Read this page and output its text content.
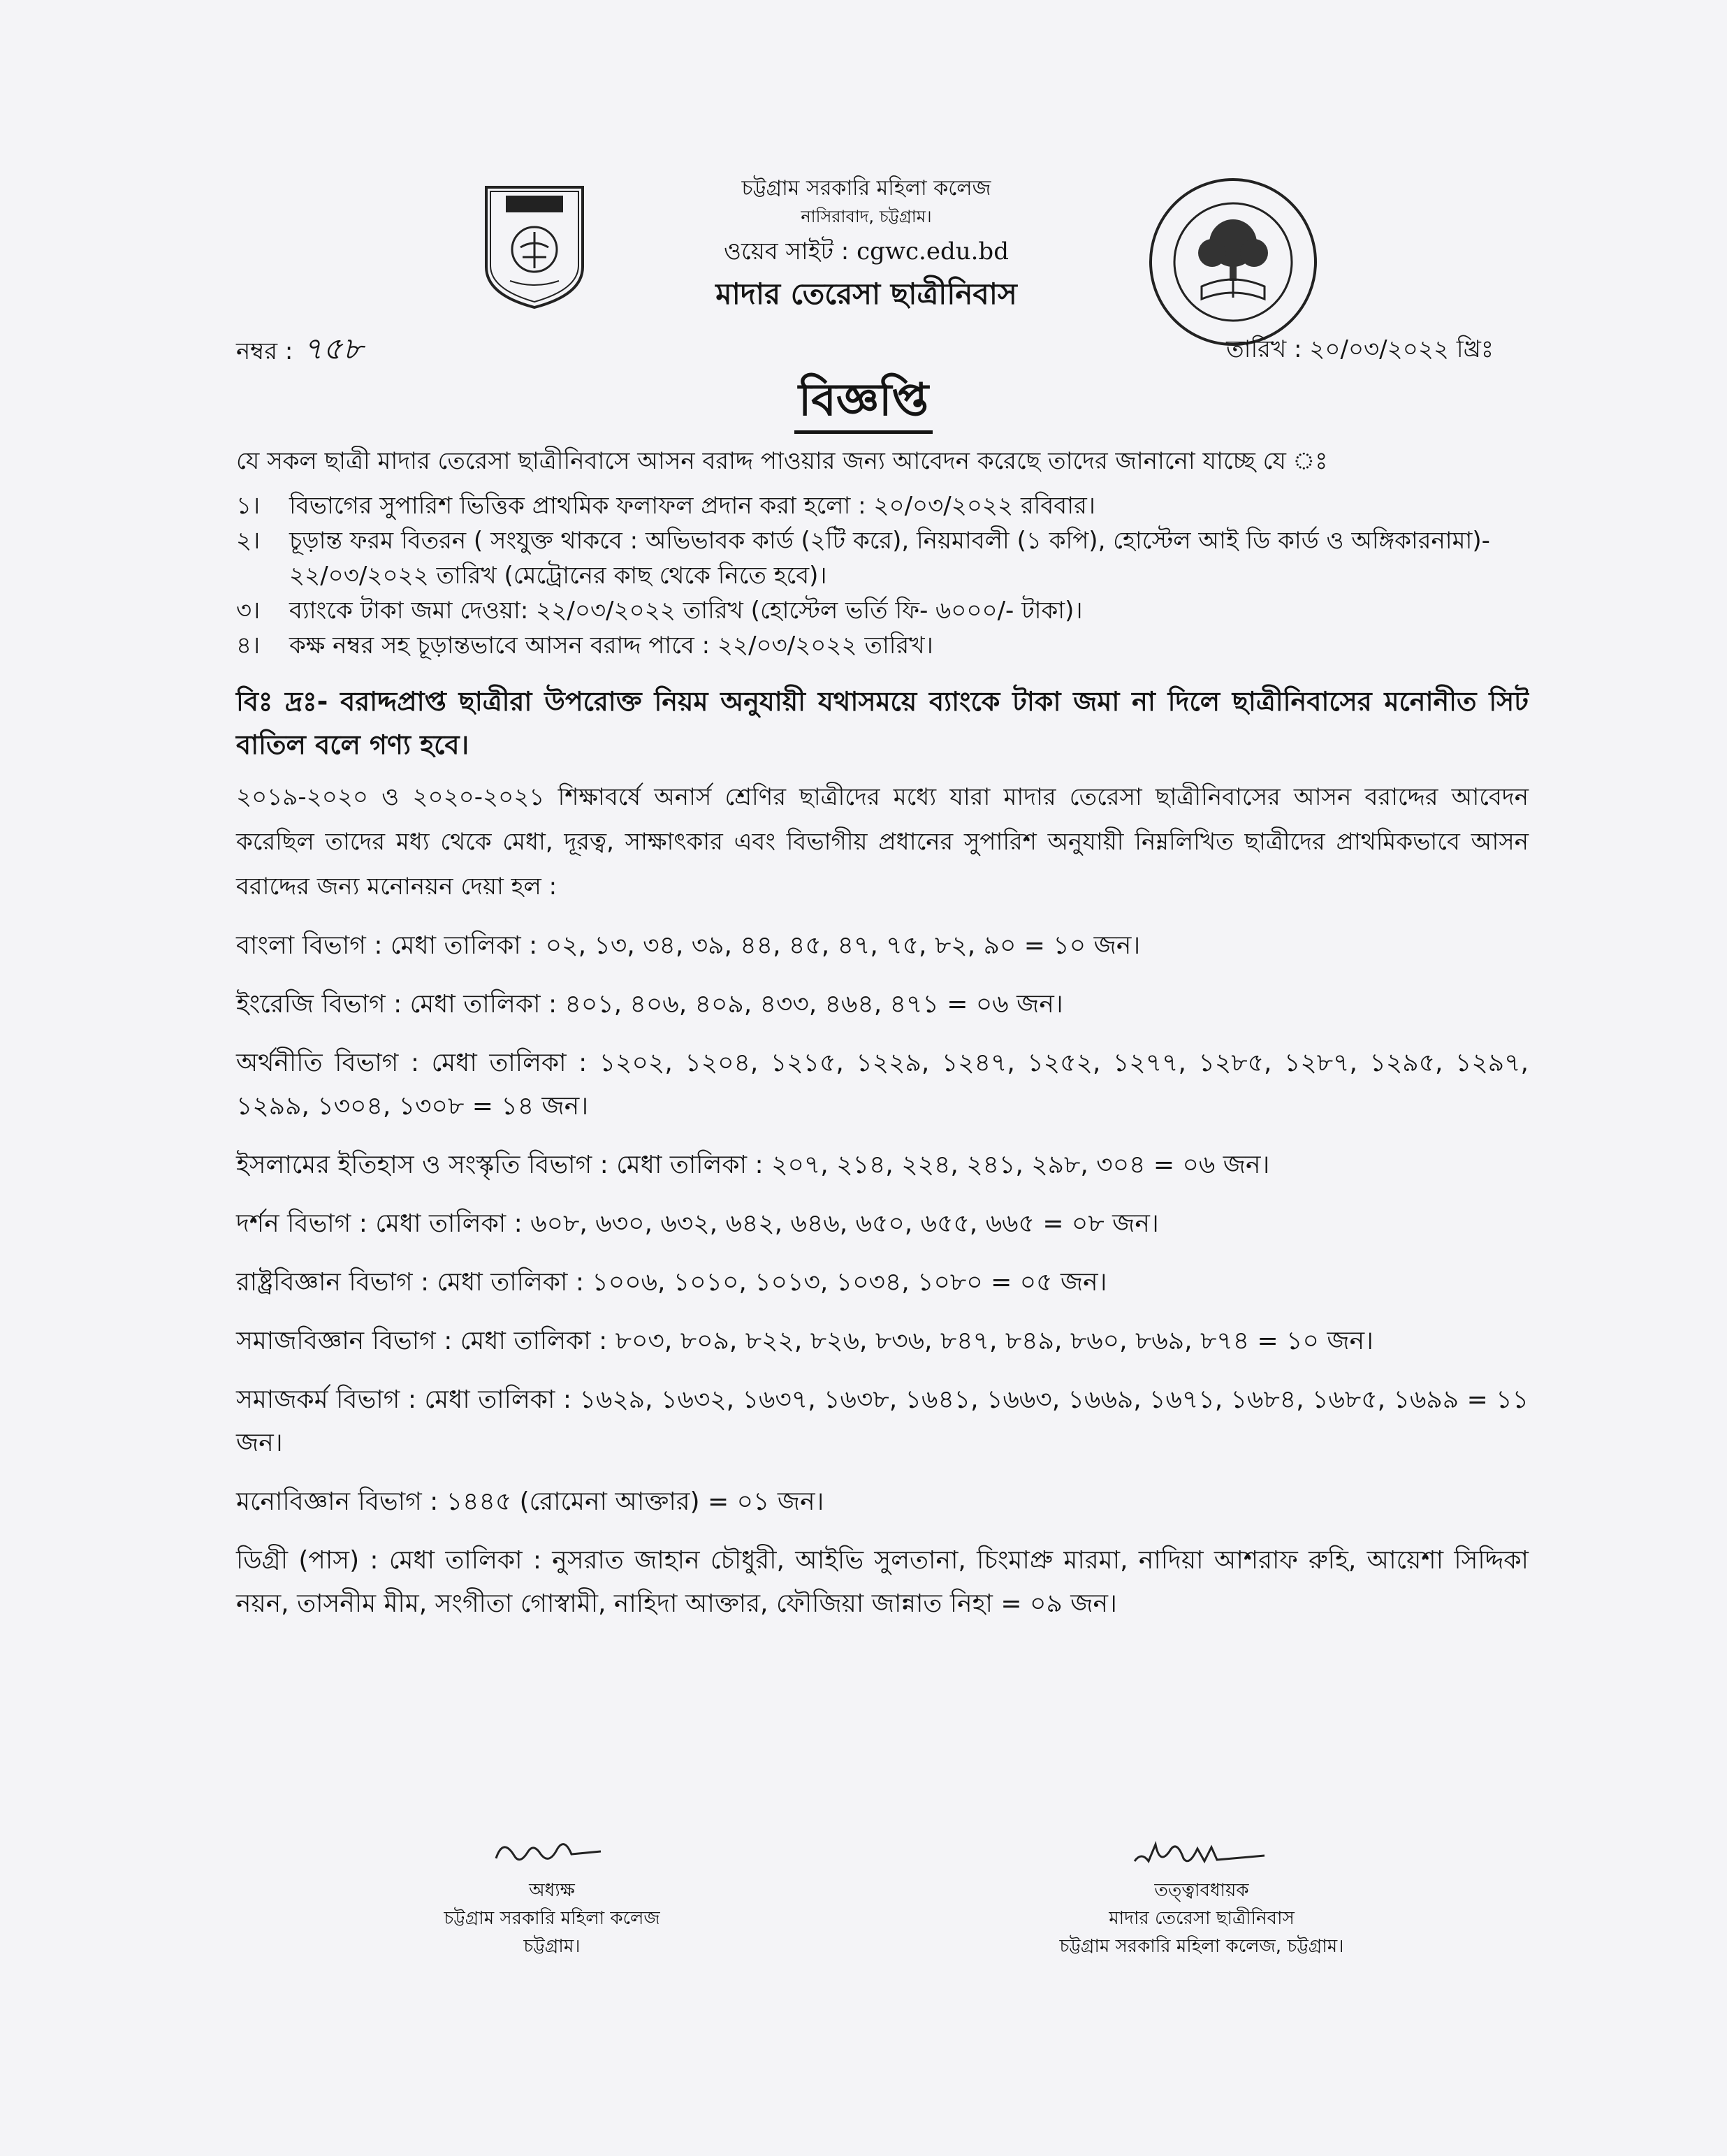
চট্টগ্রাম সরকারি মহিলা কলেজ
নাসিরাবাদ, চট্টগ্রাম।
ওয়েব সাইট : cgwc.edu.bd
মাদার তেরেসা ছাত্রীনিবাস
নম্বর : ৭৫৮	তারিখ : ২০/০৩/২০২২ খ্রিঃ
বিজ্ঞপ্তি
যে সকল ছাত্রী মাদার তেরেসা ছাত্রীনিবাসে আসন বরাদ্দ পাওয়ার জন্য আবেদন করেছে তাদের জানানো যাচ্ছে যে ঃ
১।	বিভাগের সুপারিশ ভিত্তিক প্রাথমিক ফলাফল প্রদান করা হলো : ২০/০৩/২০২২ রবিবার।
২।	চূড়ান্ত ফরম বিতরন ( সংযুক্ত থাকবে : অভিভাবক কার্ড (২টি করে), নিয়মাবলী (১ কপি), হোস্টেল আই ডি কার্ড ও অঙ্গিকারনামা)- ২২/০৩/২০২২ তারিখ (মেট্রোনের কাছ থেকে নিতে হবে)।
৩।	ব্যাংকে টাকা জমা দেওয়া: ২২/০৩/২০২২ তারিখ (হোস্টেল ভর্তি ফি- ৬০০০/- টাকা)।
৪।	কক্ষ নম্বর সহ চূড়ান্তভাবে আসন বরাদ্দ পাবে : ২২/০৩/২০২২ তারিখ।
বিঃ দ্রঃ- বরাদ্দপ্রাপ্ত ছাত্রীরা উপরোক্ত নিয়ম অনুযায়ী যথাসময়ে ব্যাংকে টাকা জমা না দিলে ছাত্রীনিবাসের মনোনীত সিট বাতিল বলে গণ্য হবে।
২০১৯-২০২০ ও ২০২০-২০২১ শিক্ষাবর্ষে অনার্স শ্রেণির ছাত্রীদের মধ্যে যারা মাদার তেরেসা ছাত্রীনিবাসের আসন বরাদ্দের আবেদন করেছিল তাদের মধ্য থেকে মেধা, দূরত্ব, সাক্ষাৎকার এবং বিভাগীয় প্রধানের সুপারিশ অনুযায়ী নিম্নলিখিত ছাত্রীদের প্রাথমিকভাবে আসন বরাদ্দের জন্য মনোনয়ন দেয়া হল :
বাংলা বিভাগ : মেধা তালিকা : ০২, ১৩, ৩৪, ৩৯, ৪৪, ৪৫, ৪৭, ৭৫, ৮২, ৯০ = ১০ জন।
ইংরেজি বিভাগ : মেধা তালিকা : ৪০১, ৪০৬, ৪০৯, ৪৩৩, ৪৬৪, ৪৭১ = ০৬ জন।
অর্থনীতি বিভাগ : মেধা তালিকা : ১২০২, ১২০৪, ১২১৫, ১২২৯, ১২৪৭, ১২৫২, ১২৭৭, ১২৮৫, ১২৮৭, ১২৯৫, ১২৯৭, ১২৯৯, ১৩০৪, ১৩০৮ = ১৪ জন।
ইসলামের ইতিহাস ও সংস্কৃতি বিভাগ : মেধা তালিকা : ২০৭, ২১৪, ২২৪, ২৪১, ২৯৮, ৩০৪ = ০৬ জন।
দর্শন বিভাগ : মেধা তালিকা : ৬০৮, ৬৩০, ৬৩২, ৬৪২, ৬৪৬, ৬৫০, ৬৫৫, ৬৬৫ = ০৮ জন।
রাষ্ট্রবিজ্ঞান বিভাগ : মেধা তালিকা : ১০০৬, ১০১০, ১০১৩, ১০৩৪, ১০৮০ = ০৫ জন।
সমাজবিজ্ঞান বিভাগ : মেধা তালিকা : ৮০৩, ৮০৯, ৮২২, ৮২৬, ৮৩৬, ৮৪৭, ৮৪৯, ৮৬০, ৮৬৯, ৮৭৪ = ১০ জন।
সমাজকর্ম বিভাগ : মেধা তালিকা : ১৬২৯, ১৬৩২, ১৬৩৭, ১৬৩৮, ১৬৪১, ১৬৬৩, ১৬৬৯, ১৬৭১, ১৬৮৪, ১৬৮৫, ১৬৯৯ = ১১ জন।
মনোবিজ্ঞান বিভাগ : ১৪৪৫ (রোমেনা আক্তার) = ০১ জন।
ডিগ্রী (পাস) : মেধা তালিকা : নুসরাত জাহান চৌধুরী, আইভি সুলতানা, চিংমাপ্রু মারমা, নাদিয়া আশরাফ রুহি, আয়েশা সিদ্দিকা নয়ন, তাসনীম মীম, সংগীতা গোস্বামী, নাহিদা আক্তার, ফৌজিয়া জান্নাত নিহা = ০৯ জন।
অধ্যক্ষ
চট্টগ্রাম সরকারি মহিলা কলেজ
চট্টগ্রাম।
তত্ত্বাবধায়ক
মাদার তেরেসা ছাত্রীনিবাস
চট্টগ্রাম সরকারি মহিলা কলেজ, চট্টগ্রাম।
